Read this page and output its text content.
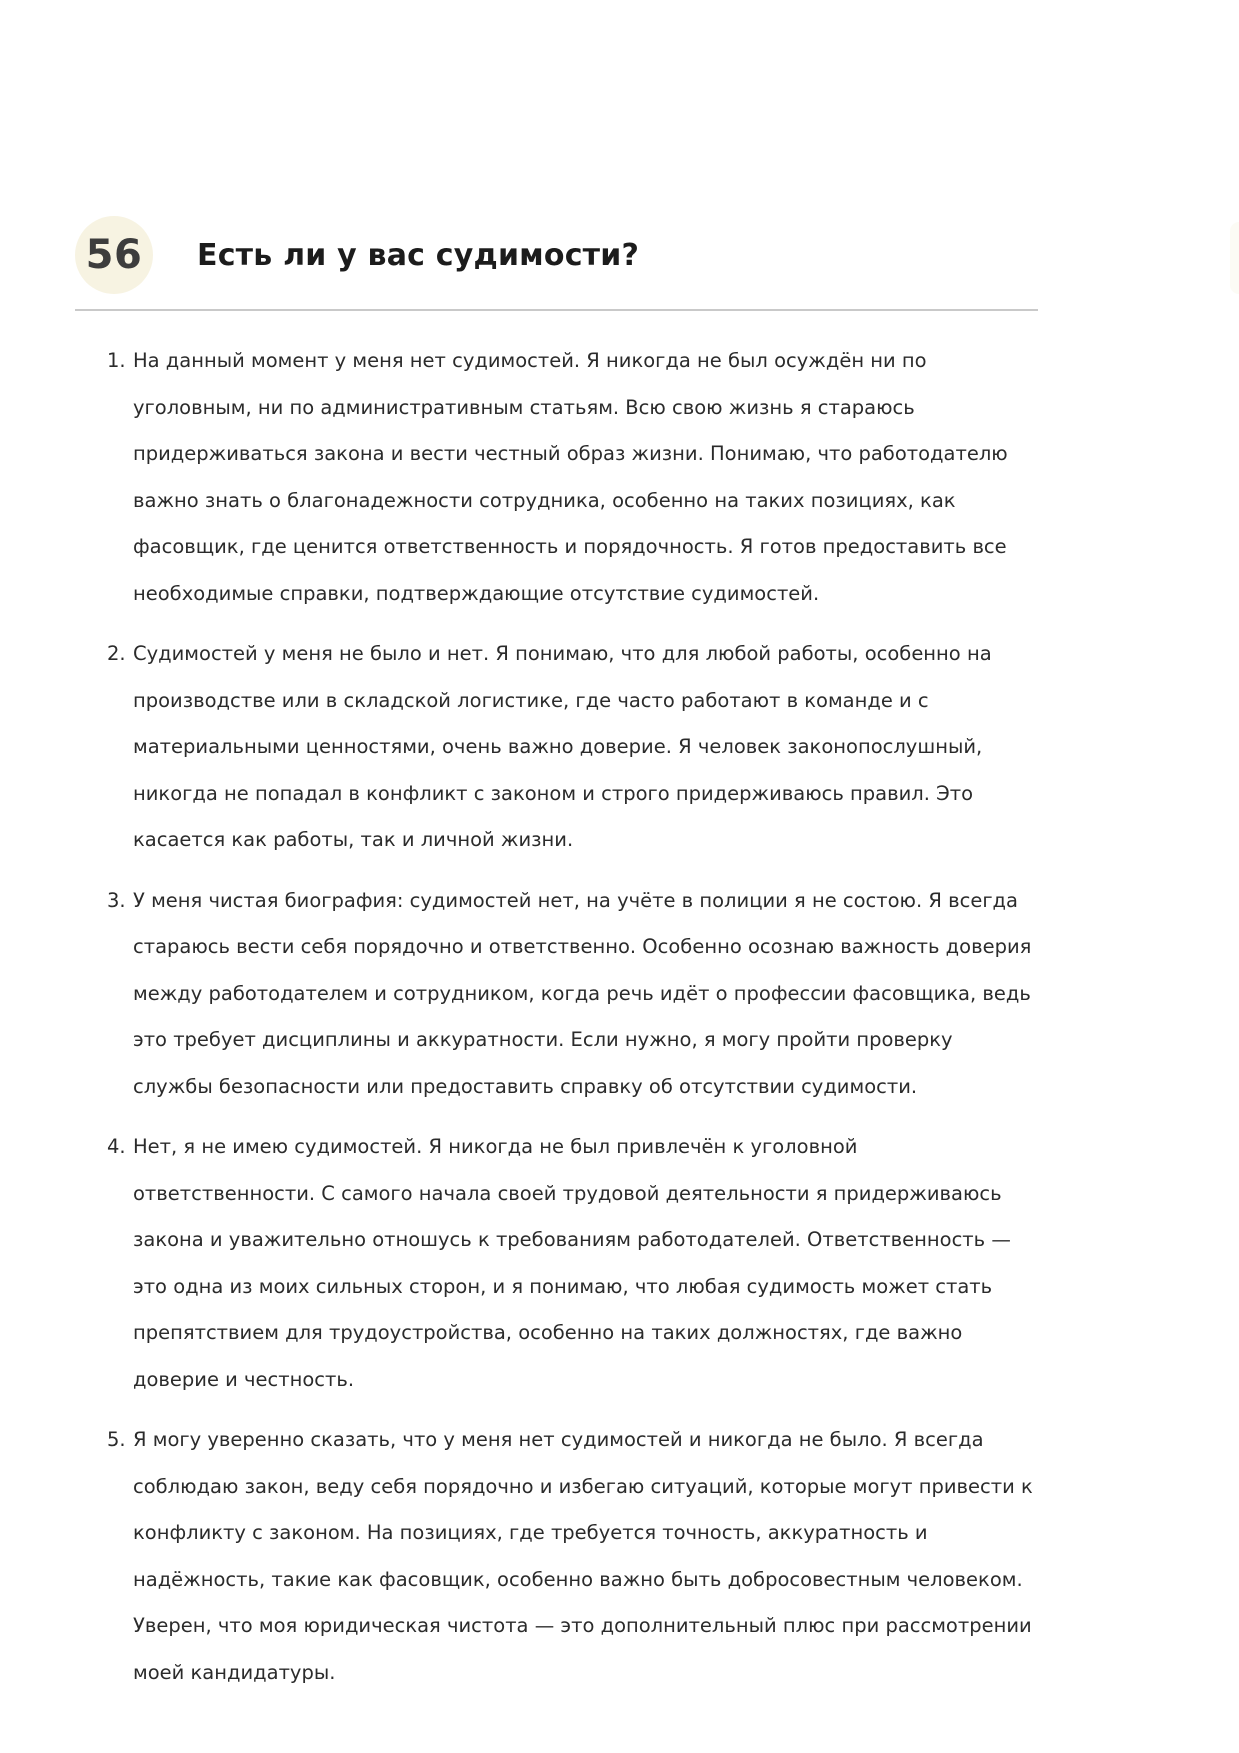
56 Есть ли у вас судимости?
1. На данный момент у меня нет судимостей. Я никогда не был осуждён ни по уголовным, ни по административным статьям. Всю свою жизнь я стараюсь придерживаться закона и вести честный образ жизни. Понимаю, что работодателю важно знать о благонадежности сотрудника, особенно на таких позициях, как фасовщик, где ценится ответственность и порядочность. Я готов предоставить все необходимые справки, подтверждающие отсутствие судимостей.
2. Судимостей у меня не было и нет. Я понимаю, что для любой работы, особенно на производстве или в складской логистике, где часто работают в команде и с материальными ценностями, очень важно доверие. Я человек законопослушный, никогда не попадал в конфликт с законом и строго придерживаюсь правил. Это касается как работы, так и личной жизни.
3. У меня чистая биография: судимостей нет, на учёте в полиции я не состою. Я всегда стараюсь вести себя порядочно и ответственно. Особенно осознаю важность доверия между работодателем и сотрудником, когда речь идёт о профессии фасовщика, ведь это требует дисциплины и аккуратности. Если нужно, я могу пройти проверку службы безопасности или предоставить справку об отсутствии судимости.
4. Нет, я не имею судимостей. Я никогда не был привлечён к уголовной ответственности. С самого начала своей трудовой деятельности я придерживаюсь закона и уважительно отношусь к требованиям работодателей. Ответственность — это одна из моих сильных сторон, и я понимаю, что любая судимость может стать препятствием для трудоустройства, особенно на таких должностях, где важно доверие и честность.
5. Я могу уверенно сказать, что у меня нет судимостей и никогда не было. Я всегда соблюдаю закон, веду себя порядочно и избегаю ситуаций, которые могут привести к конфликту с законом. На позициях, где требуется точность, аккуратность и надёжность, такие как фасовщик, особенно важно быть добросовестным человеком. Уверен, что моя юридическая чистота — это дополнительный плюс при рассмотрении моей кандидатуры.
